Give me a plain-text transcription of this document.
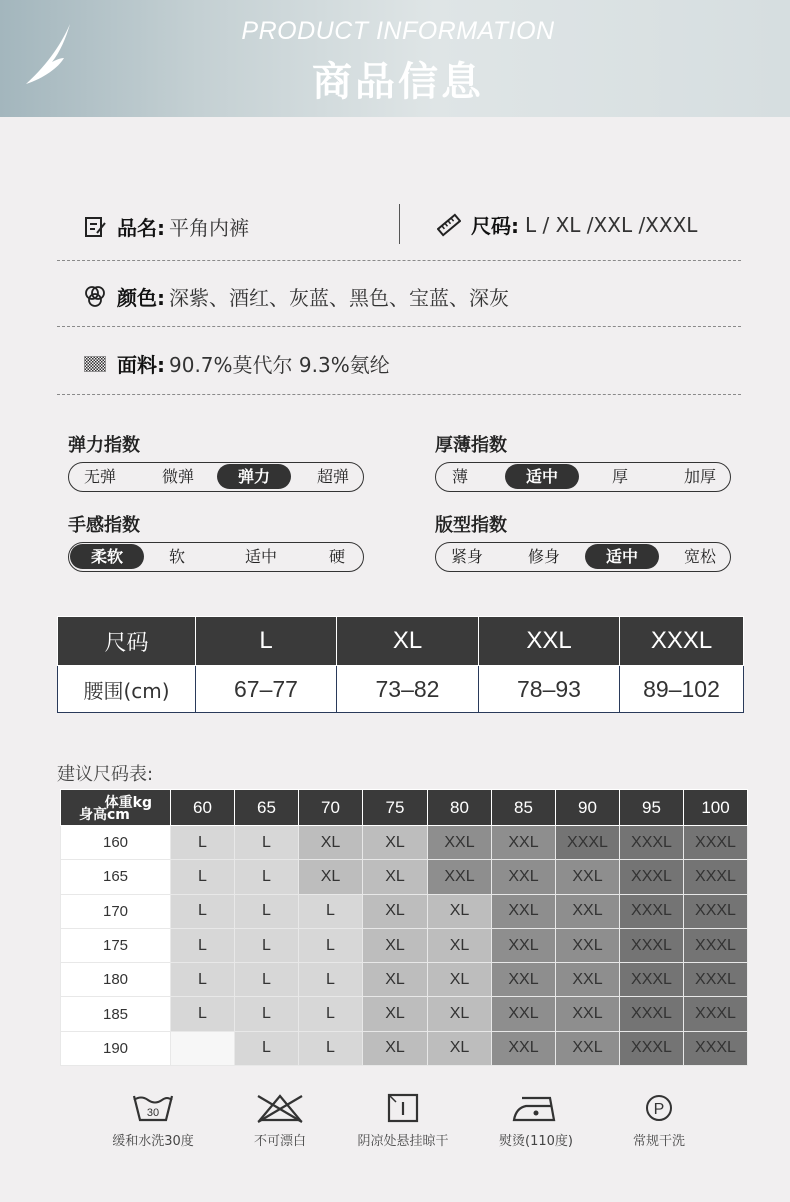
PRODUCT INFORMATION
商品信息
品名: 平角内裤	尺码: L / XL /XXL /XXXL
颜色: 深紫、酒红、灰蓝、黑色、宝蓝、深灰
面料: 90.7%莫代尔 9.3%氨纶
弹力指数
无弹	微弹	弹力	超弹
厚薄指数
薄	适中	厚	加厚
手感指数
柔软	软	适中	硬
版型指数
紧身	修身	适中	宽松
尺码	L	XL	XXL	XXXL
腰围(cm)	67–77	73–82	78–93	89–102
建议尺码表:
体重kg
身高cm	60	65	70	75	80	85	90	95	100
160	L	L	XL	XL	XXL	XXL	XXXL	XXXL	XXXL
165	L	L	XL	XL	XXL	XXL	XXL	XXXL	XXXL
170	L	L	L	XL	XL	XXL	XXL	XXXL	XXXL
175	L	L	L	XL	XL	XXL	XXL	XXXL	XXXL
180	L	L	L	XL	XL	XXL	XXL	XXXL	XXXL
185	L	L	L	XL	XL	XXL	XXL	XXXL	XXXL
190		L	L	XL	XL	XXL	XXL	XXXL	XXXL
30
缓和水洗30度	不可漂白	阴凉处悬挂晾干	熨烫(110度)
P
常规干洗
